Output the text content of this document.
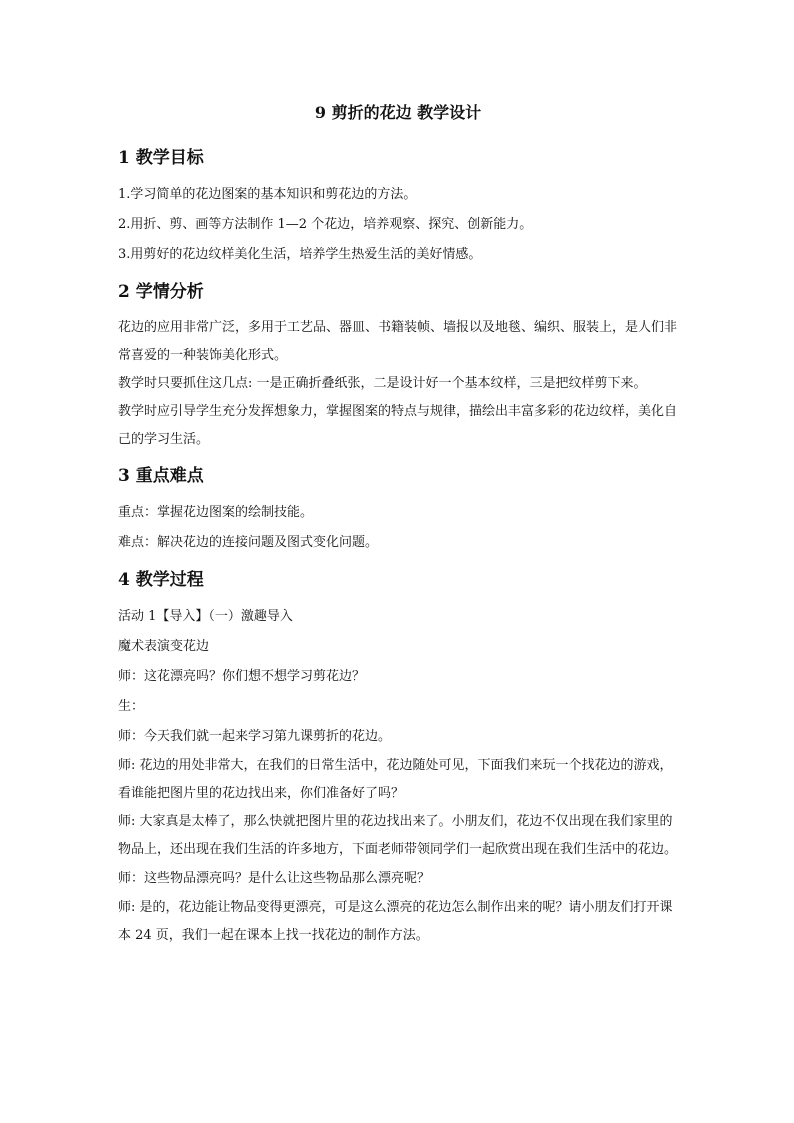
9 剪折的花边 教学设计
1 教学目标

1.学习简单的花边图案的基本知识和剪花边的方法。

2.用折、剪、画等方法制作 1—2 个花边，培养观察、探究、创新能力。

3.用剪好的花边纹样美化生活，培养学生热爱生活的美好情感。

2 学情分析

花边的应用非常广泛，多用于工艺品、器皿、书籍装帧、墙报以及地毯、编织、服装上，是人们非常喜爱的一种装饰美化形式。

教学时只要抓住这几点: 一是正确折叠纸张，二是设计好一个基本纹样，三是把纹样剪下来。

教学时应引导学生充分发挥想象力，掌握图案的特点与规律，描绘出丰富多彩的花边纹样，美化自己的学习生活。

3 重点难点

重点：掌握花边图案的绘制技能。

难点：解决花边的连接问题及图式变化问题。

4 教学过程

活动 1【导入】（一）激趣导入

魔术表演变花边

师：这花漂亮吗？你们想不想学习剪花边？

生：

师：今天我们就一起来学习第九课剪折的花边。

师: 花边的用处非常大，在我们的日常生活中，花边随处可见，下面我们来玩一个找花边的游戏，看谁能把图片里的花边找出来，你们准备好了吗？

师: 大家真是太棒了，那么快就把图片里的花边找出来了。小朋友们，花边不仅出现在我们家里的物品上，还出现在我们生活的许多地方，下面老师带领同学们一起欣赏出现在我们生活中的花边。

师：这些物品漂亮吗？是什么让这些物品那么漂亮呢？

师: 是的，花边能让物品变得更漂亮，可是这么漂亮的花边怎么制作出来的呢？请小朋友们打开课本 24 页，我们一起在课本上找一找花边的制作方法。
